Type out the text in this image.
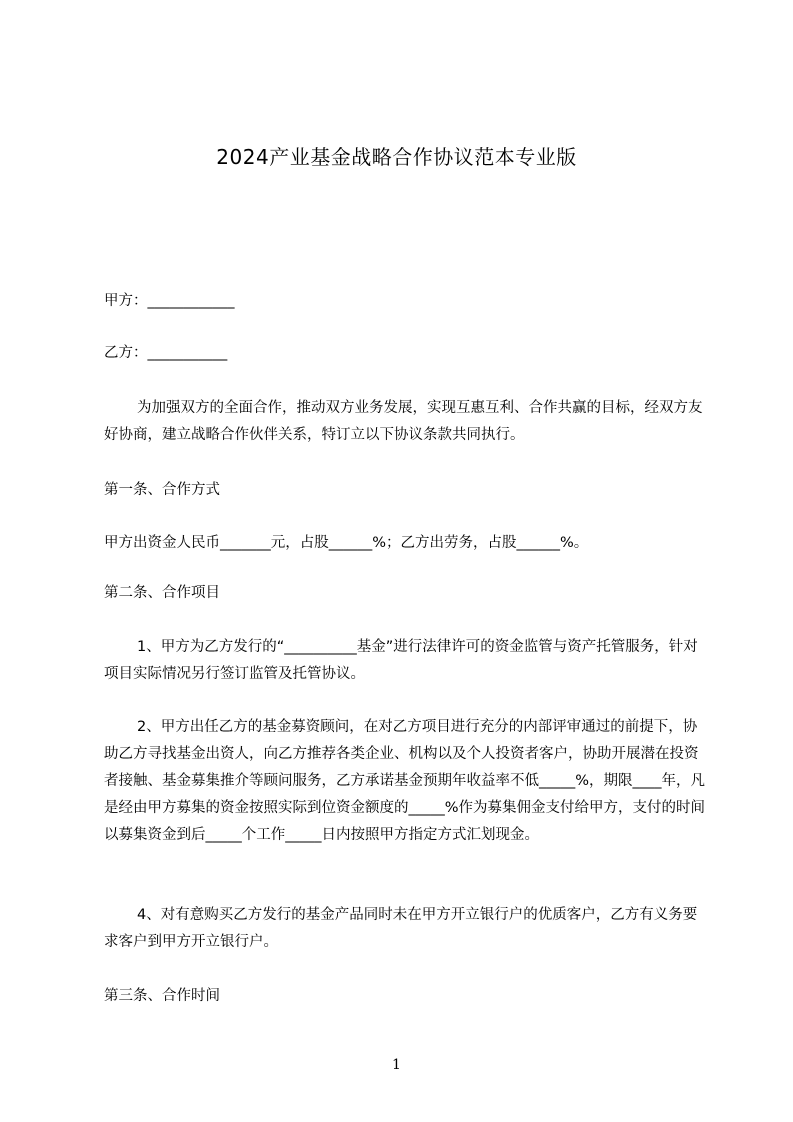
2024产业基金战略合作协议范本专业版

甲方：____________

乙方：___________

为加强双方的全面合作，推动双方业务发展，实现互惠互利、合作共赢的目标，经双方友好协商，建立战略合作伙伴关系，特订立以下协议条款共同执行。

第一条、合作方式

甲方出资金人民币_______元，占股______%；乙方出劳务，占股______%。

第二条、合作项目

1、甲方为乙方发行的“__________基金”进行法律许可的资金监管与资产托管服务，针对项目实际情况另行签订监管及托管协议。

2、甲方出任乙方的基金募资顾问，在对乙方项目进行充分的内部评审通过的前提下，协助乙方寻找基金出资人，向乙方推荐各类企业、机构以及个人投资者客户，协助开展潜在投资者接触、基金募集推介等顾问服务，乙方承诺基金预期年收益率不低_____%，期限____年，凡是经由甲方募集的资金按照实际到位资金额度的_____%作为募集佣金支付给甲方，支付的时间以募集资金到后_____个工作_____日内按照甲方指定方式汇划现金。

4、对有意购买乙方发行的基金产品同时未在甲方开立银行户的优质客户，乙方有义务要求客户到甲方开立银行户。

第三条、合作时间

1
